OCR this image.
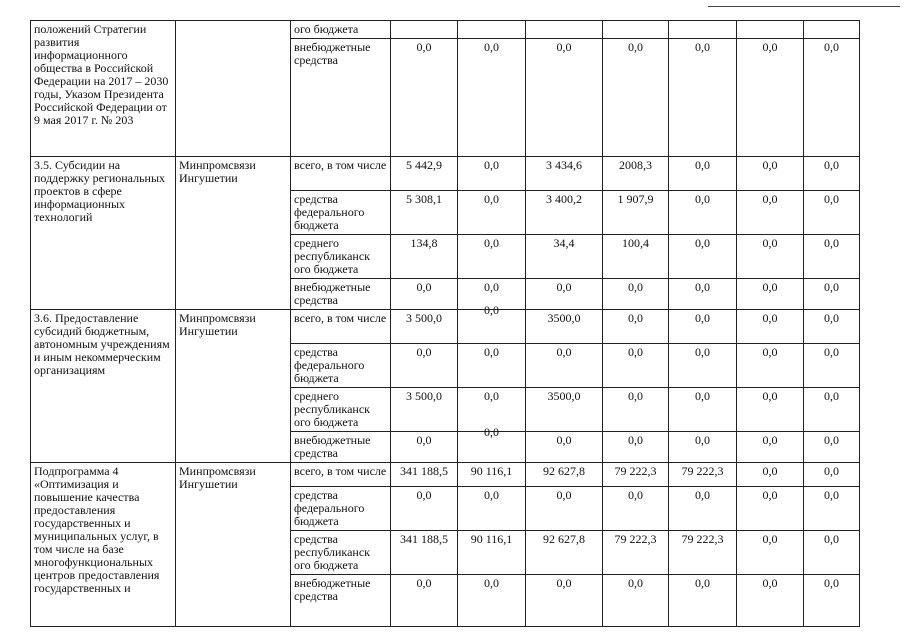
положений Стратегии развития информационного общества в Российской Федерации на 2017 – 2030 годы, Указом Президента Российской Федерации от 9 мая 2017 г. № 203		ого бюджета							
		внебюджетные средства	0,0	0,0	0,0	0,0	0,0	0,0	0,0
3.5. Субсидии на поддержку региональных проектов в сфере информационных технологий	Минпромсвязи Ингушетии	всего, в том числе	5 442,9	0,0	3 434,6	2008,3	0,0	0,0	0,0
		средства федерального бюджета	5 308,1	0,0	3 400,2	1 907,9	0,0	0,0	0,0
		среднего республиканск ого бюджета	134,8	0,0	34,4	100,4	0,0	0,0	0,0
		внебюджетные средства	0,0	0,0	0,0	0,0	0,0	0,0	0,0
3.6. Предоставление субсидий бюджетным, автономным учреждениям и иным некоммерческим организациям	Минпромсвязи Ингушетии	всего, в том числе	3 500,0	0,0	3500,0	0,0	0,0	0,0	0,0
		средства федерального бюджета	0,0	0,0	0,0	0,0	0,0	0,0	0,0
		среднего республиканск ого бюджета	3 500,0	0,0	3500,0	0,0	0,0	0,0	0,0
		внебюджетные средства	0,0	0,0	0,0	0,0	0,0	0,0	0,0
Подпрограмма 4 «Оптимизация и повышение качества предоставления государственных и муниципальных услуг, в том числе на базе многофункциональных центров предоставления государственных и	Минпромсвязи Ингушетии	всего, в том числе	341 188,5	90 116,1	92 627,8	79 222,3	79 222,3	0,0	0,0
		средства федерального бюджета	0,0	0,0	0,0	0,0	0,0	0,0	0,0
		средства республиканск ого бюджета	341 188,5	90 116,1	92 627,8	79 222,3	79 222,3	0,0	0,0
		внебюджетные средства	0,0	0,0	0,0	0,0	0,0	0,0	0,0
